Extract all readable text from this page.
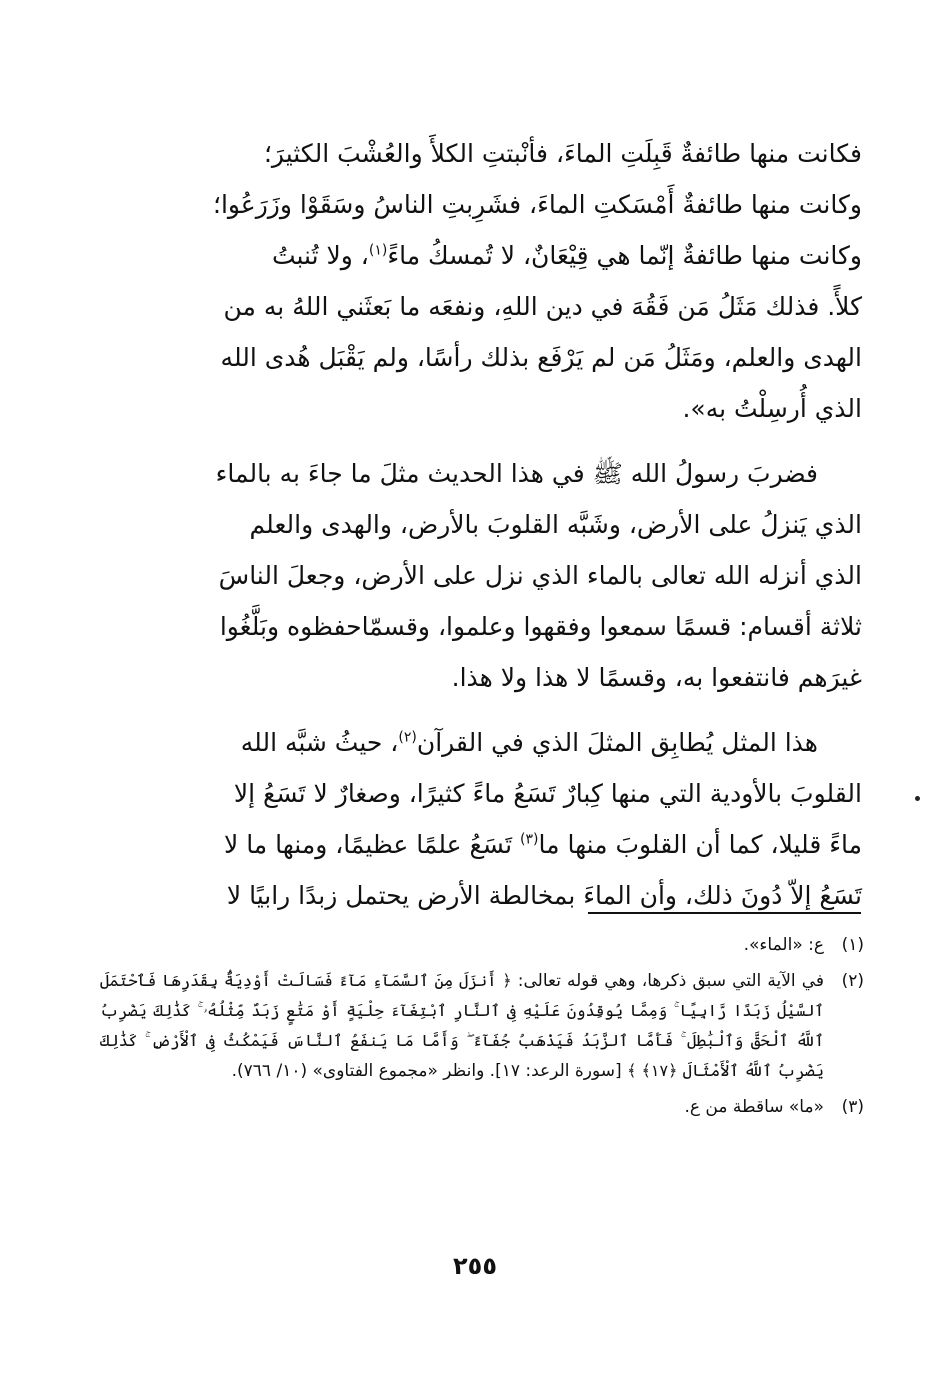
فكانت منها طائفةٌ قَبِلَتِ الماءَ، فأنْبتتِ الكلأَ والعُشْبَ الكثيرَ؛

وكانت منها طائفةٌ أَمْسَكتِ الماءَ، فشَرِبتِ الناسُ وسَقَوْا وزَرَعُوا؛

وكانت منها طائفةٌ إنّما هي قِيْعَانٌ، لا تُمسكُ ماءً$^{(١)}$، ولا تُنبتُ

كلأً. فذلك مَثَلُ مَن فَقُهَ في دين اللهِ، ونفعَه ما بَعثَني اللهُ به من

الهدى والعلم، ومَثَلُ مَن لم يَرْفَع بذلك رأسًا، ولم يَقْبَل هُدى الله

الذي أُرسِلْتُ به».

فضربَ رسولُ الله ﷺ في هذا الحديث مثلَ ما جاءَ به بالماء

الذي يَنزلُ على الأرض، وشَبَّه القلوبَ بالأرض، والهدى والعلم

الذي أنزله الله تعالى بالماء الذي نزل على الأرض، وجعلَ الناسَ

ثلاثة أقسام: قسمًا سمعوا وفقهوا وعلموا، وقسمّاحفظوه وبَلَّغُوا

غيرَهم فانتفعوا به، وقسمًا لا هذا ولا هذا.

هذا المثل يُطابِق المثلَ الذي في القرآن$^{(٢)}$، حيثُ شبَّه الله

القلوبَ بالأودية التي منها كِبارٌ تَسَعُ ماءً كثيرًا، وصغارٌ لا تَسَعُ إلا

ماءً قليلا، كما أن القلوبَ منها ما$^{(٣)}$ تَسَعُ علمًا عظيمًا، ومنها ما لا

تَسَعُ إلاّ دُونَ ذلك، وأن الماءَ بمخالطة الأرض يحتمل زبدًا رابيًا لا

(١)
ع: «الماء».
(٢)
في الآية التي سبق ذكرها، وهي قوله تعالى: ﴿ أَنزَلَ مِنَ ٱلسَّمَآءِ مَآءً فَسَالَتْ أَوْدِيَةٌۢ بِقَدَرِهَا فَٱحْتَمَلَ ٱلسَّيْلُ زَبَدًا رَّابِيًا ۚ وَمِمَّا يُوقِدُونَ عَلَيْهِ فِى ٱلنَّارِ ٱبْتِغَآءَ حِلْيَةٍ أَوْ مَتَٰعٍ زَبَدٌ مِّثْلُهُۥ ۚ كَذَٰلِكَ يَضْرِبُ ٱللَّهُ ٱلْحَقَّ وَٱلْبَٰطِلَ ۚ فَأَمَّا ٱلزَّبَدُ فَيَذْهَبُ جُفَآءً ۖ وَأَمَّا مَا يَنفَعُ ٱلنَّاسَ فَيَمْكُثُ فِى ٱلْأَرْضِ ۚ كَذَٰلِكَ يَضْرِبُ ٱللَّهُ ٱلْأَمْثَالَ ﴿١٧﴾ ﴾ [سورة الرعد: ١٧]. وانظر «مجموع الفتاوى» (١٠/ ٧٦٦).
(٣)
«ما» ساقطة من ع.
٢٥٥
